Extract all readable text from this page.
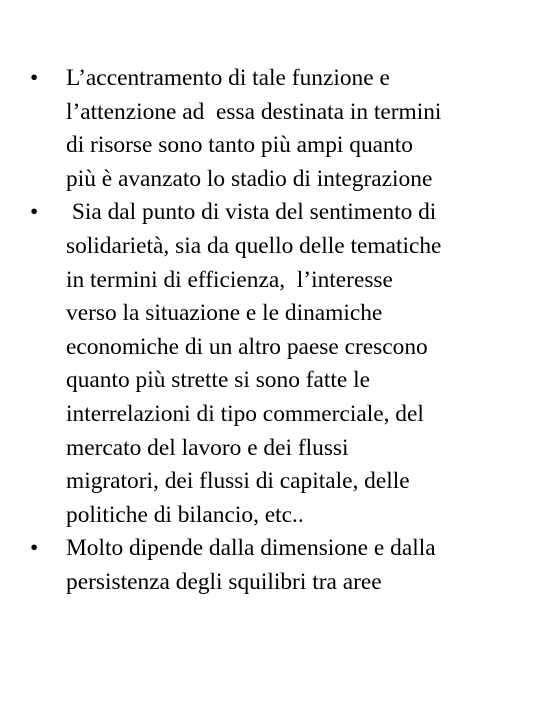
•	L’accentramento di tale funzione e
l’attenzione ad  essa destinata in termini
di risorse sono tanto più ampi quanto
più è avanzato lo stadio di integrazione
•	Sia dal punto di vista del sentimento di
solidarietà, sia da quello delle tematiche
in termini di efficienza,  l’interesse
verso la situazione e le dinamiche
economiche di un altro paese crescono
quanto più strette si sono fatte le
interrelazioni di tipo commerciale, del
mercato del lavoro e dei flussi
migratori, dei flussi di capitale, delle
politiche di bilancio, etc..
•	Molto dipende dalla dimensione e dalla
persistenza degli squilibri tra aree
